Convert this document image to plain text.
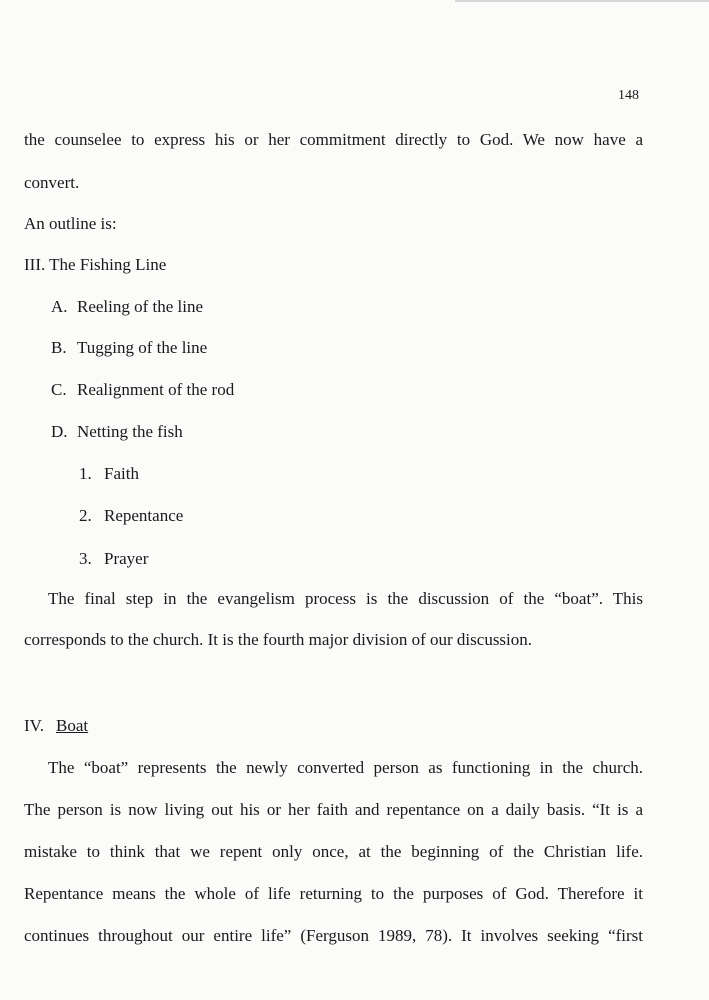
148
the counselee to express his or her commitment directly to God. We now have a
convert.
An outline is:
III. The Fishing Line
A. Reeling of the line
B. Tugging of the line
C. Realignment of the rod
D. Netting the fish
1. Faith
2. Repentance
3. Prayer
The final step in the evangelism process is the discussion of the “boat”. This
corresponds to the church. It is the fourth major division of our discussion.
IV. Boat
The “boat” represents the newly converted person as functioning in the church.
The person is now living out his or her faith and repentance on a daily basis. “It is a
mistake to think that we repent only once, at the beginning of the Christian life.
Repentance means the whole of life returning to the purposes of God. Therefore it
continues throughout our entire life” (Ferguson 1989, 78). It involves seeking “first
